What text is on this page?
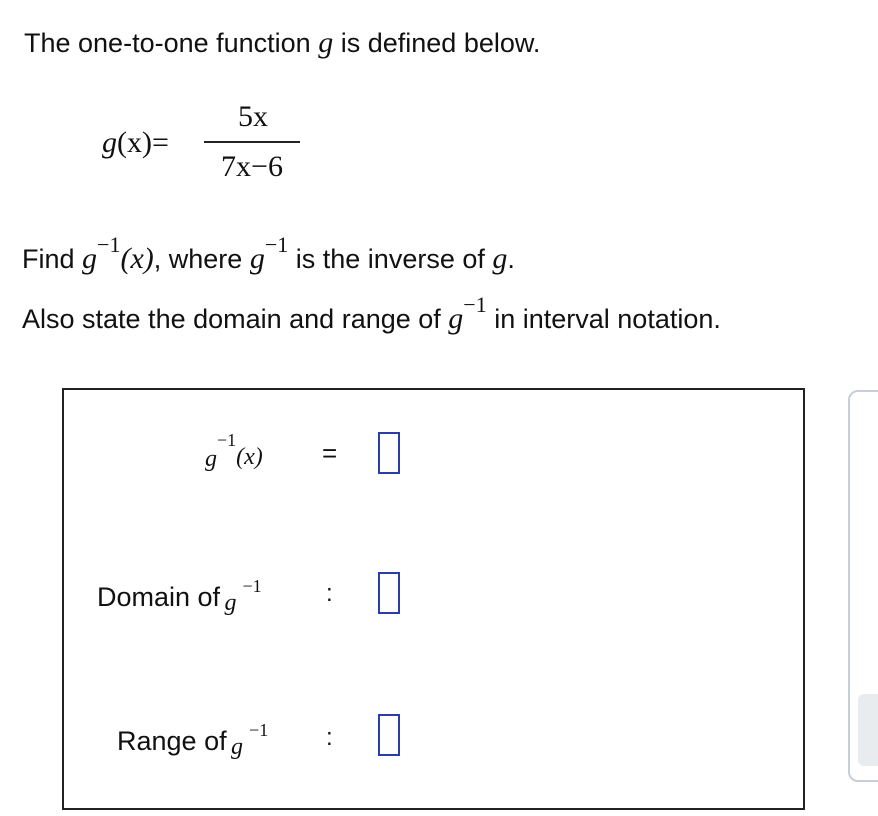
The one-to-one function g is defined below.
g(x)=
5x
7x−6
Find $g^{-1}(x)$, where $g^{-1}$ is the inverse of g.
Also state the domain and range of $g^{-1}$ in interval notation.
g−1(x) =
Domain of g−1	:
Range of g−1 :
